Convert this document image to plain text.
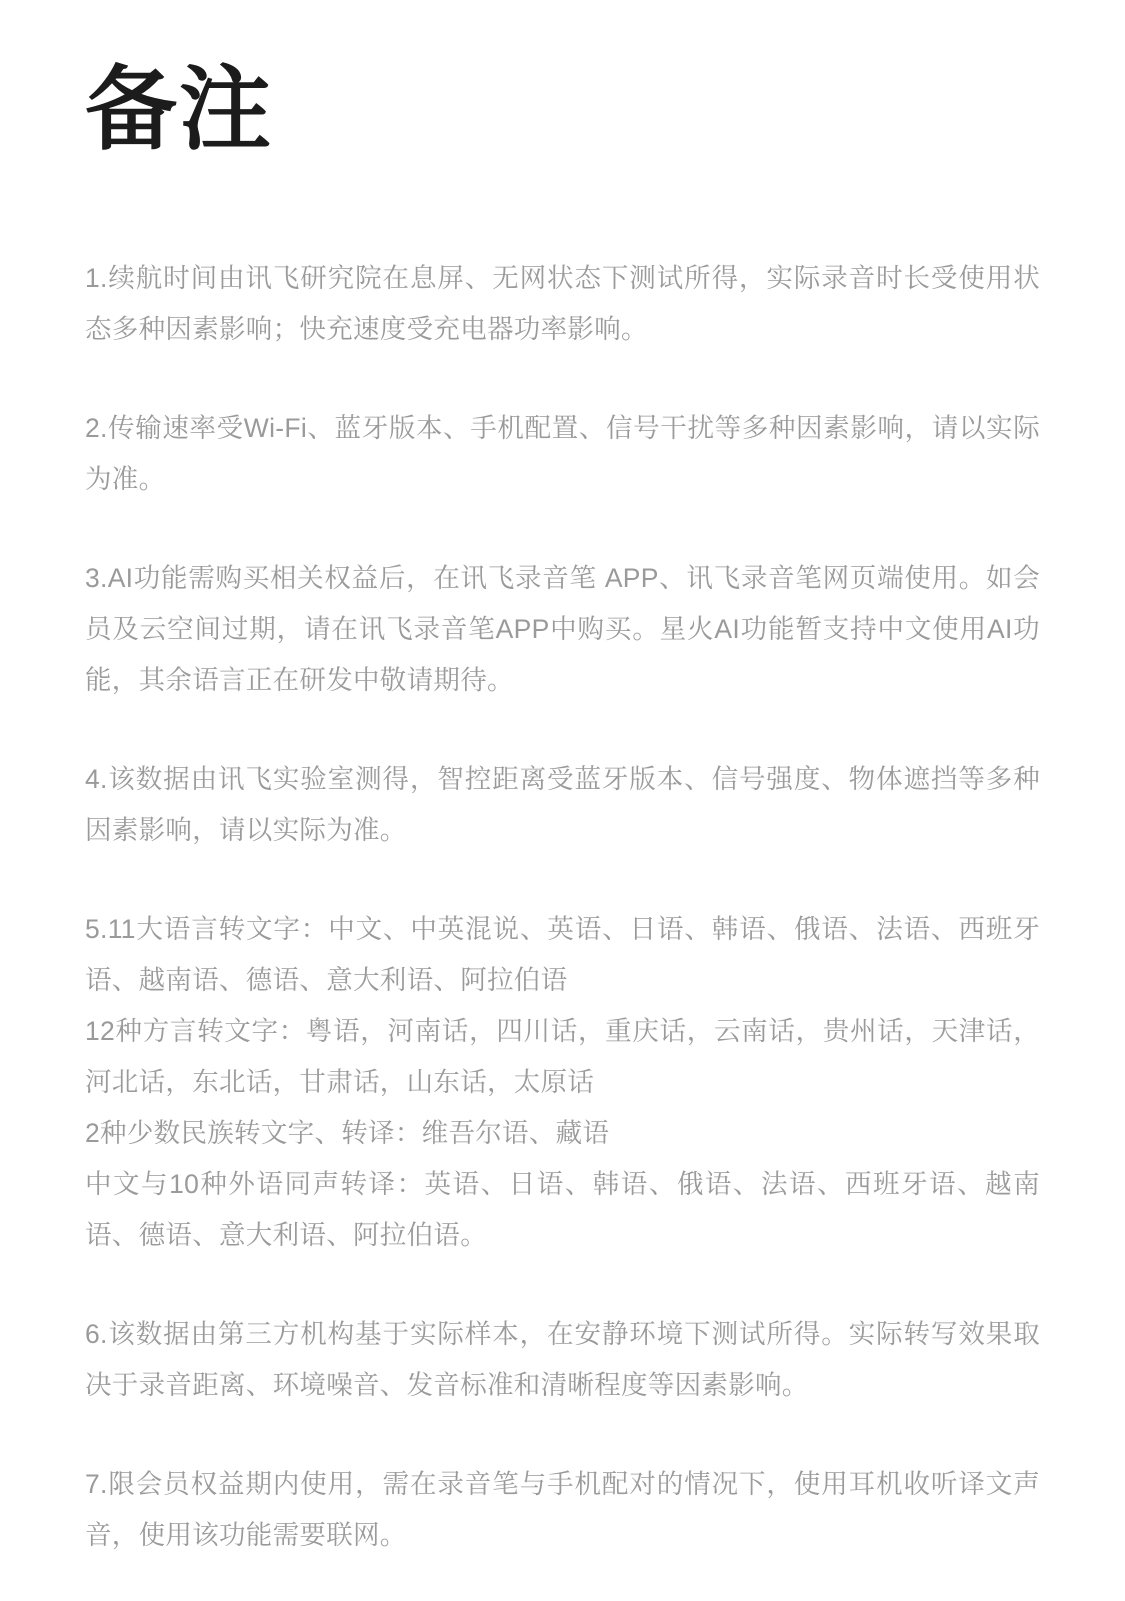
备注

1.续航时间由讯飞研究院在息屏、无网状态下测试所得，实际录音时长受使用状态多种因素影响；快充速度受充电器功率影响。

2.传输速率受Wi-Fi、蓝牙版本、手机配置、信号干扰等多种因素影响，请以实际为准。

3.AI功能需购买相关权益后，在讯飞录音笔 APP、讯飞录音笔网页端使用。如会员及云空间过期，请在讯飞录音笔APP中购买。星火AI功能暂支持中文使用AI功能，其余语言正在研发中敬请期待。

4.该数据由讯飞实验室测得，智控距离受蓝牙版本、信号强度、物体遮挡等多种因素影响，请以实际为准。

5.11大语言转文字：中文、中英混说、英语、日语、韩语、俄语、法语、西班牙语、越南语、德语、意大利语、阿拉伯语
12种方言转文字：粤语，河南话，四川话，重庆话，云南话，贵州话，天津话，河北话，东北话，甘肃话，山东话，太原话
2种少数民族转文字、转译：维吾尔语、藏语
中文与10种外语同声转译：英语、日语、韩语、俄语、法语、西班牙语、越南语、德语、意大利语、阿拉伯语。

6.该数据由第三方机构基于实际样本，在安静环境下测试所得。实际转写效果取决于录音距离、环境噪音、发音标准和清晰程度等因素影响。

7.限会员权益期内使用，需在录音笔与手机配对的情况下，使用耳机收听译文声音，使用该功能需要联网。
